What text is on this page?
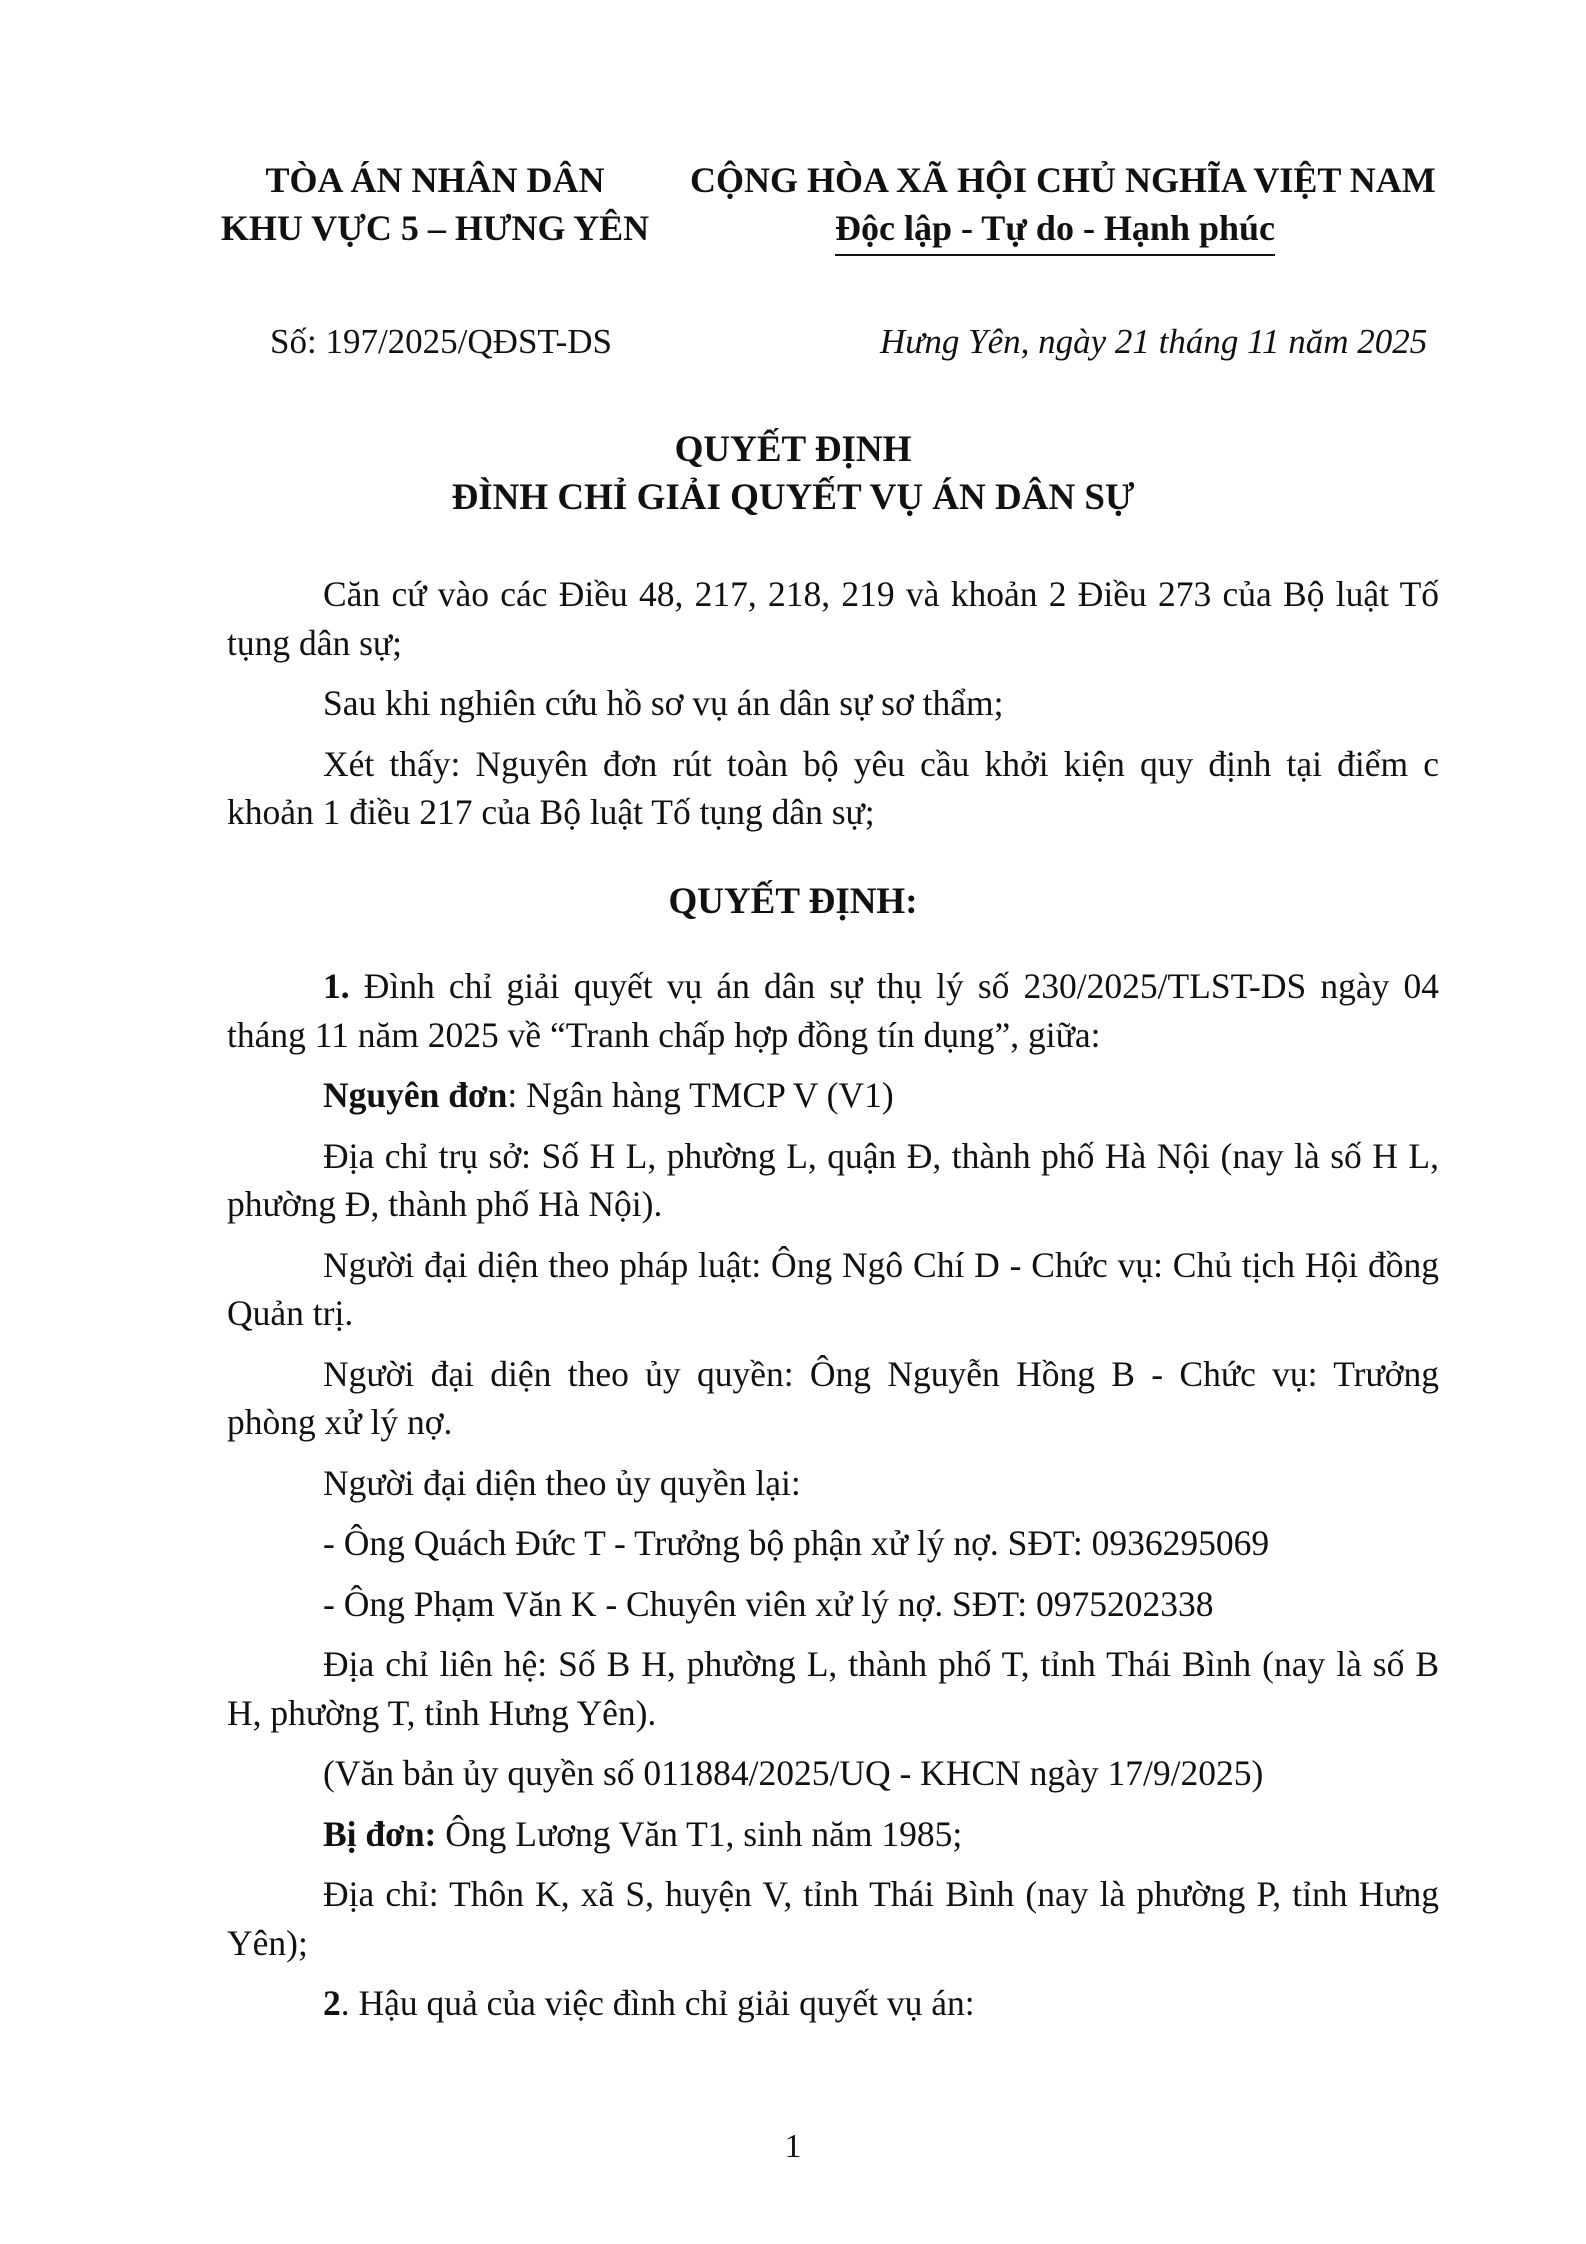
TÒA ÁN NHÂN DÂN
KHU VỰC 5 – HƯNG YÊN
CỘNG HÒA XÃ HỘI CHỦ NGHĨA VIỆT NAM
Độc lập - Tự do - Hạnh phúc
Số: 197/2025/QĐST-DS	Hưng Yên, ngày 21 tháng 11 năm 2025
QUYẾT ĐỊNH
ĐÌNH CHỈ GIẢI QUYẾT VỤ ÁN DÂN SỰ

Căn cứ vào các Điều 48, 217, 218, 219 và khoản 2 Điều 273 của Bộ luật Tố tụng dân sự;

Sau khi nghiên cứu hồ sơ vụ án dân sự sơ thẩm;

Xét thấy: Nguyên đơn rút toàn bộ yêu cầu khởi kiện quy định tại điểm c khoản 1 điều 217 của Bộ luật Tố tụng dân sự;

QUYẾT ĐỊNH:

1. Đình chỉ giải quyết vụ án dân sự thụ lý số 230/2025/TLST-DS ngày 04 tháng 11 năm 2025 về “Tranh chấp hợp đồng tín dụng”, giữa:

Nguyên đơn: Ngân hàng TMCP V (V1)

Địa chỉ trụ sở: Số H L, phường L, quận Đ, thành phố Hà Nội (nay là số H L, phường Đ, thành phố Hà Nội).

Người đại diện theo pháp luật: Ông Ngô Chí D - Chức vụ: Chủ tịch Hội đồng Quản trị.

Người đại diện theo ủy quyền: Ông Nguyễn Hồng B - Chức vụ: Trưởng phòng xử lý nợ.

Người đại diện theo ủy quyền lại:

- Ông Quách Đức T - Trưởng bộ phận xử lý nợ. SĐT: 0936295069

- Ông Phạm Văn K - Chuyên viên xử lý nợ. SĐT: 0975202338

Địa chỉ liên hệ: Số B H, phường L, thành phố T, tỉnh Thái Bình (nay là số B H, phường T, tỉnh Hưng Yên).

(Văn bản ủy quyền số 011884/2025/UQ - KHCN ngày 17/9/2025)

Bị đơn: Ông Lương Văn T1, sinh năm 1985;

Địa chỉ: Thôn K, xã S, huyện V, tỉnh Thái Bình (nay là phường P, tỉnh Hưng Yên);

2. Hậu quả của việc đình chỉ giải quyết vụ án:

1
